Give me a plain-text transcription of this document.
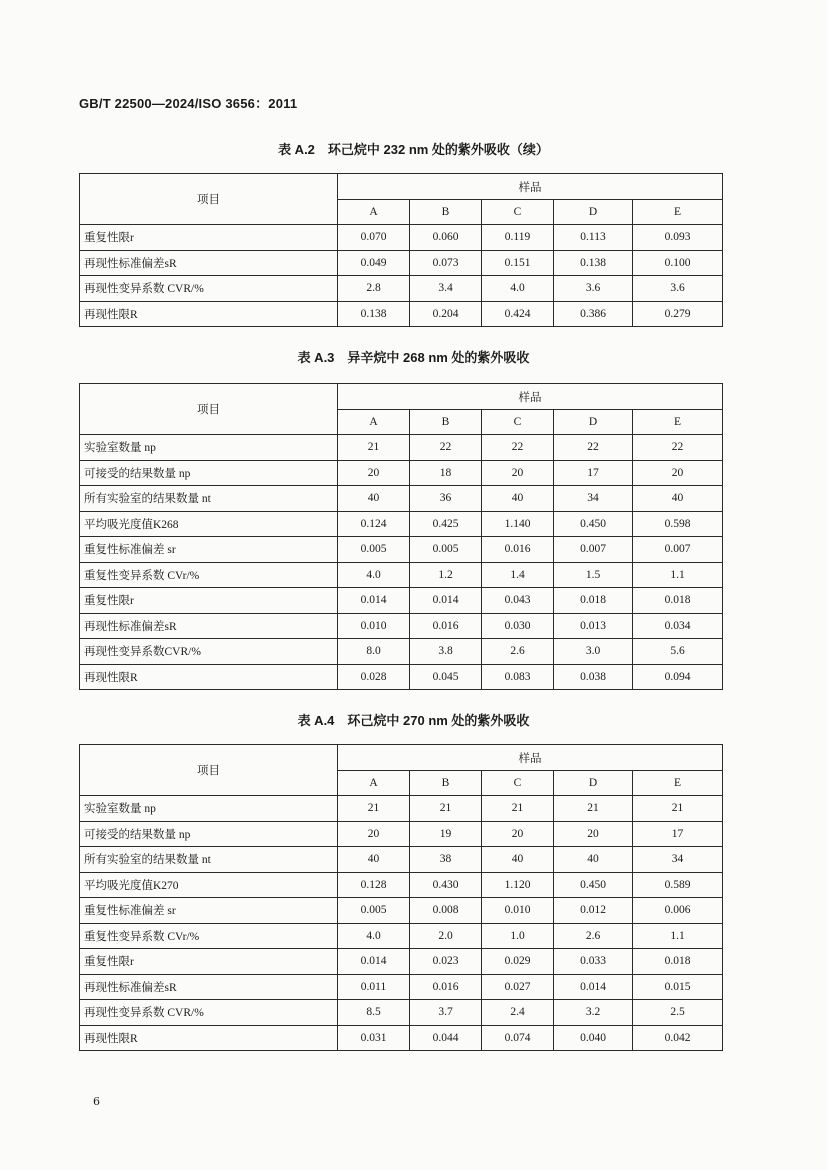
GB/T 22500—2024/ISO 3656：2011
表 A.2　环己烷中 232 nm 处的紫外吸收（续）
项目	样品				
	A	B	C	D	E
重复性限r	0.070	0.060	0.119	0.113	0.093
再现性标准偏差sR	0.049	0.073	0.151	0.138	0.100
再现性变异系数 CVR/%	2.8	3.4	4.0	3.6	3.6
再现性限R	0.138	0.204	0.424	0.386	0.279
表 A.3　异辛烷中 268 nm 处的紫外吸收
项目	样品				
	A	B	C	D	E
实验室数量 np	21	22	22	22	22
可接受的结果数量 np	20	18	20	17	20
所有实验室的结果数量 nt	40	36	40	34	40
平均吸光度值K268	0.124	0.425	1.140	0.450	0.598
重复性标准偏差 sr	0.005	0.005	0.016	0.007	0.007
重复性变异系数 CVr/%	4.0	1.2	1.4	1.5	1.1
重复性限r	0.014	0.014	0.043	0.018	0.018
再现性标准偏差sR	0.010	0.016	0.030	0.013	0.034
再现性变异系数CVR/%	8.0	3.8	2.6	3.0	5.6
再现性限R	0.028	0.045	0.083	0.038	0.094
表 A.4　环己烷中 270 nm 处的紫外吸收
项目	样品				
	A	B	C	D	E
实验室数量 np	21	21	21	21	21
可接受的结果数量 np	20	19	20	20	17
所有实验室的结果数量 nt	40	38	40	40	34
平均吸光度值K270	0.128	0.430	1.120	0.450	0.589
重复性标准偏差 sr	0.005	0.008	0.010	0.012	0.006
重复性变异系数 CVr/%	4.0	2.0	1.0	2.6	1.1
重复性限r	0.014	0.023	0.029	0.033	0.018
再现性标准偏差sR	0.011	0.016	0.027	0.014	0.015
再现性变异系数 CVR/%	8.5	3.7	2.4	3.2	2.5
再现性限R	0.031	0.044	0.074	0.040	0.042
6
